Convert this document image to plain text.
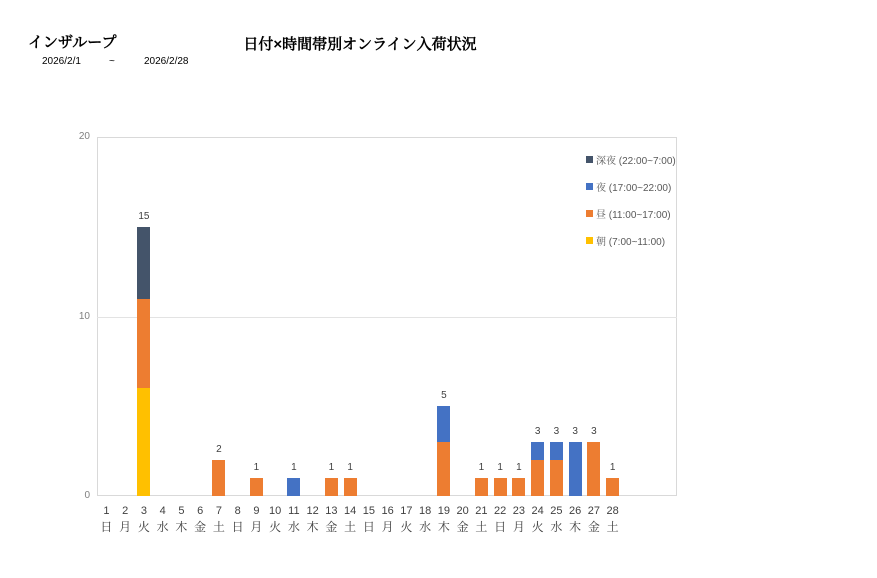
インザループ
2026/2/1	~	2026/2/28
日付×時間帯別オンライン入荷状況
0
10
20
15
2
1	1	1	1
5
1	1	1
3	3	3	3
1
1
日
2
月
3
火
4
水
5
木
6
金
7
土
8
日
9
月
10
火
11
水
12
木
13
金
14
土
15
日
16
月
17
火
18
水
19
木
20
金
21
土
22
日
23
月
24
火
25
水
26
木
27
金
28
土
深夜 (22:00~7:00)
夜 (17:00~22:00)
昼 (11:00~17:00)
朝 (7:00~11:00)
